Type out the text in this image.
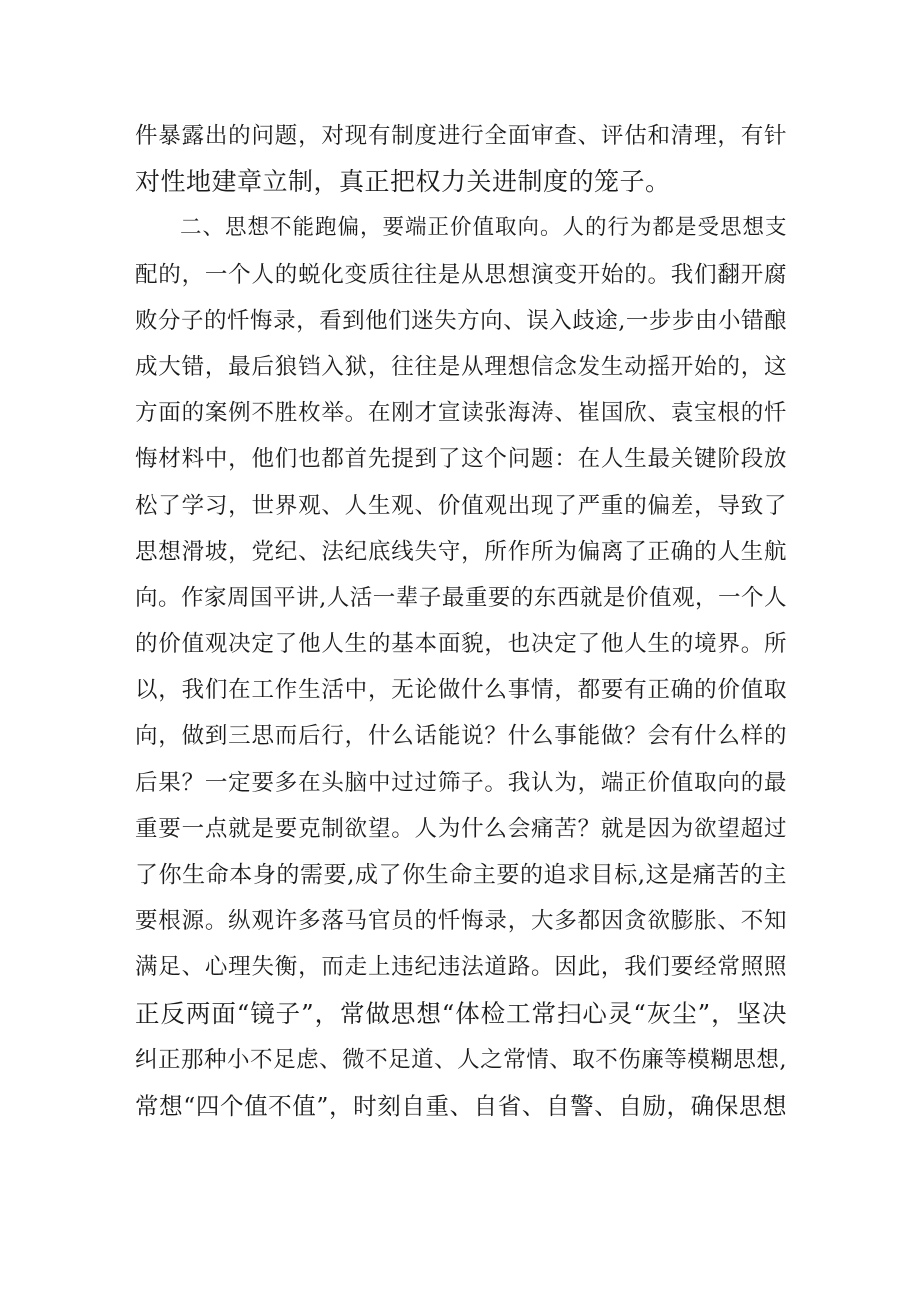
件暴露出的问题，对现有制度进行全面审查、评估和清理，有针
对性地建章立制，真正把权力关进制度的笼子。
　　二、思想不能跑偏，要端正价值取向。人的行为都是受思想支
配的，一个人的蜕化变质往往是从思想演变开始的。我们翻开腐
败分子的忏悔录，看到他们迷失方向、误入歧途,一步步由小错酿
成大错，最后狼铛入狱，往往是从理想信念发生动摇开始的，这
方面的案例不胜枚举。在刚才宣读张海涛、崔国欣、袁宝根的忏
悔材料中，他们也都首先提到了这个问题：在人生最关键阶段放
松了学习，世界观、人生观、价值观出现了严重的偏差，导致了
思想滑坡，党纪、法纪底线失守，所作所为偏离了正确的人生航
向。作家周国平讲,人活一辈子最重要的东西就是价值观，一个人
的价值观决定了他人生的基本面貌，也决定了他人生的境界。所
以，我们在工作生活中，无论做什么事情，都要有正确的价值取
向，做到三思而后行，什么话能说？什么事能做？会有什么样的
后果？一定要多在头脑中过过筛子。我认为，端正价值取向的最
重要一点就是要克制欲望。人为什么会痛苦？就是因为欲望超过
了你生命本身的需要,成了你生命主要的追求目标,这是痛苦的主
要根源。纵观许多落马官员的忏悔录，大多都因贪欲膨胀、不知
满足、心理失衡，而走上违纪违法道路。因此，我们要经常照照
正反两面“镜子”，常做思想“体检工常扫心灵“灰尘”，坚决
纠正那种小不足虑、微不足道、人之常情、取不伤廉等模糊思想,
常想“四个值不值”，时刻自重、自省、自警、自励，确保思想
